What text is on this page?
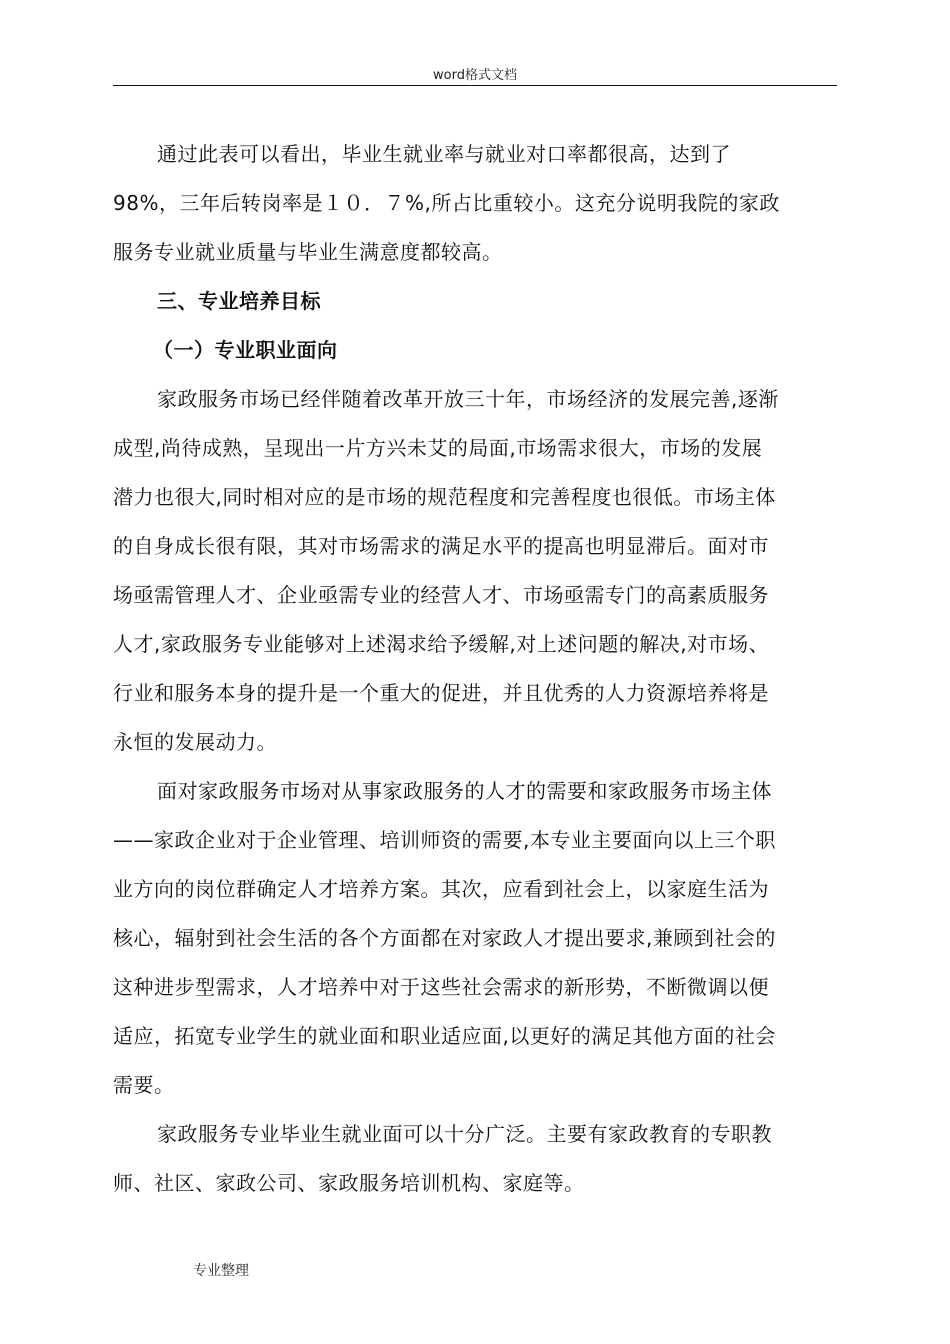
word格式文档
通过此表可以看出，毕业生就业率与就业对口率都很高，达到了
98%，三年后转岗率是１０．７%,所占比重较小。这充分说明我院的家政
服务专业就业质量与毕业生满意度都较高。
三、专业培养目标
（一）专业职业面向
家政服务市场已经伴随着改革开放三十年，市场经济的发展完善,逐渐
成型,尚待成熟，呈现出一片方兴未艾的局面,市场需求很大，市场的发展
潜力也很大,同时相对应的是市场的规范程度和完善程度也很低。市场主体
的自身成长很有限，其对市场需求的满足水平的提高也明显滞后。面对市
场亟需管理人才、企业亟需专业的经营人才、市场亟需专门的高素质服务
人才,家政服务专业能够对上述渴求给予缓解,对上述问题的解决,对市场、
行业和服务本身的提升是一个重大的促进，并且优秀的人力资源培养将是
永恒的发展动力。
面对家政服务市场对从事家政服务的人才的需要和家政服务市场主体
——家政企业对于企业管理、培训师资的需要,本专业主要面向以上三个职
业方向的岗位群确定人才培养方案。其次，应看到社会上，以家庭生活为
核心，辐射到社会生活的各个方面都在对家政人才提出要求,兼顾到社会的
这种进步型需求，人才培养中对于这些社会需求的新形势，不断微调以便
适应，拓宽专业学生的就业面和职业适应面,以更好的满足其他方面的社会
需要。
家政服务专业毕业生就业面可以十分广泛。主要有家政教育的专职教
师、社区、家政公司、家政服务培训机构、家庭等。
专业整理
